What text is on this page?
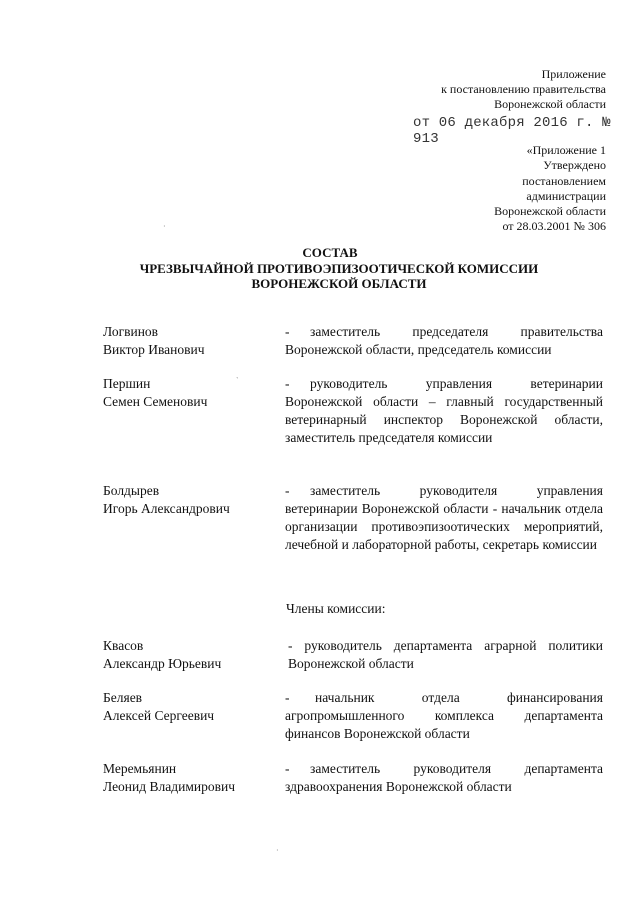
Приложение
к постановлению правительства
Воронежской области
от 06 декабря 2016 г. № 913
«Приложение 1
Утверждено
постановлением
администрации
Воронежской области
от 28.03.2001 № 306
СОСТАВ
ЧРЕЗВЫЧАЙНОЙ ПРОТИВОЭПИЗООТИЧЕСКОЙ КОМИССИИ
ВОРОНЕЖСКОЙ ОБЛАСТИ
Логвинов
Виктор Иванович
- заместитель председателя правительства Воронежской области, председатель комиссии
Першин
Семен Семенович
- руководитель управления ветеринарии Воронежской области – главный государственный ветеринарный инспектор Воронежской области, заместитель председателя комиссии
Болдырев
Игорь Александрович
- заместитель руководителя управления ветеринарии Воронежской области - начальник отдела организации противоэпизоотических мероприятий, лечебной и лабораторной работы, секретарь комиссии
Члены комиссии:
Квасов
Александр Юрьевич
- руководитель департамента аграрной политики Воронежской области
Беляев
Алексей Сергеевич
- начальник отдела финансирования агропромышленного комплекса департамента финансов Воронежской области
Меремьянин
Леонид Владимирович
- заместитель руководителя департамента здравоохранения Воронежской области
`
·
·
